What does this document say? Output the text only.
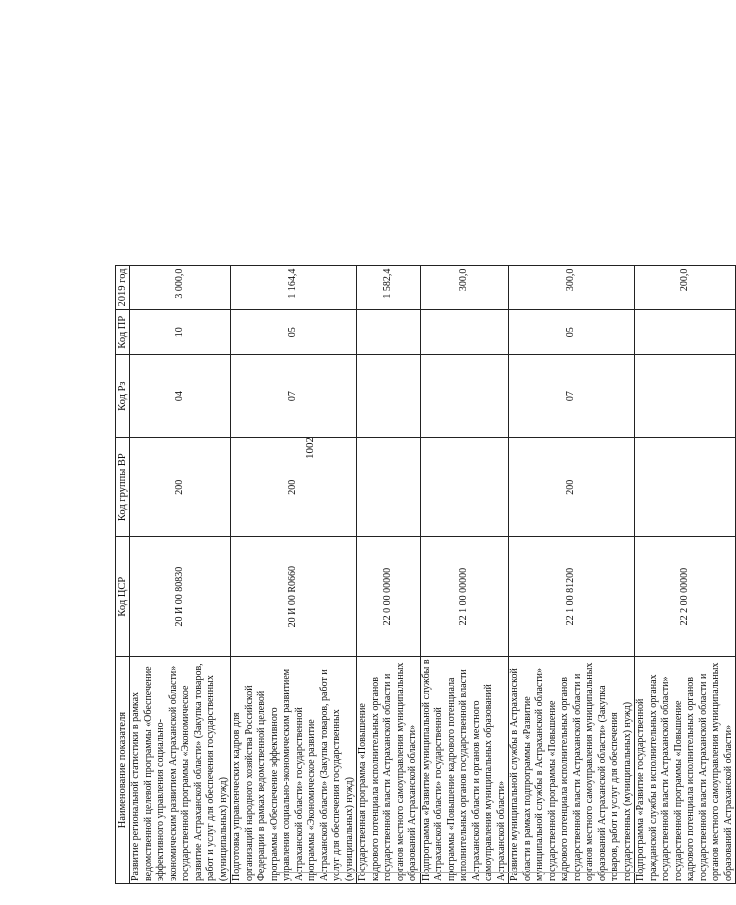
1002
Наименование показателя	Код ЦСР	Код группы ВР	Код Рз	Код ПР	2019 год
Развитие региональной статистики в рамках ведомственной целевой программы «Обеспечение эффективного управления социально-экономическим развитием Астраханской области» государственной программы «Экономическое развитие Астраханской области» (Закупка товаров, работ и услуг для обеспечения государственных (муниципальных) нужд)	20 И 00 80830	200	04	10	3 000,0
Подготовка управленческих кадров для организаций народного хозяйства Российской Федерации в рамках ведомственной целевой программы «Обеспечение эффективного управления социально-экономическим развитием Астраханской области» государственной программы «Экономическое развитие Астраханской области» (Закупка товаров, работ и услуг для обеспечения государственных (муниципальных) нужд)	20 И 00 R0660	200	07	05	1 164,4
Государственная программа «Повышение кадрового потенциала исполнительных органов государственной власти Астраханской области и органов местного самоуправления муниципальных образований Астраханской области»	22 0 00 00000				1 582,4
Подпрограмма «Развитие муниципальной службы в Астраханской области» государственной программы «Повышение кадрового потенциала исполнительных органов государственной власти Астраханской области и органов местного самоуправления муниципальных образований Астраханской области»	22 1 00 00000				300,0
Развитие муниципальной службы в Астраханской области в рамках подпрограммы «Развитие муниципальной службы в Астраханской области» государственной программы «Повышение кадрового потенциала исполнительных органов государственной власти Астраханской области и органов местного самоуправления муниципальных образований Астраханской области» (Закупка товаров, работ и услуг для обеспечения государственных (муниципальных) нужд)	22 1 00 81200	200	07	05	300,0
Подпрограмма «Развитие государственной гражданской службы в исполнительных органах государственной власти Астраханской области» государственной программы «Повышение кадрового потенциала исполнительных органов государственной власти Астраханской области и органов местного самоуправления муниципальных образований Астраханской области»	22 2 00 00000				200,0
